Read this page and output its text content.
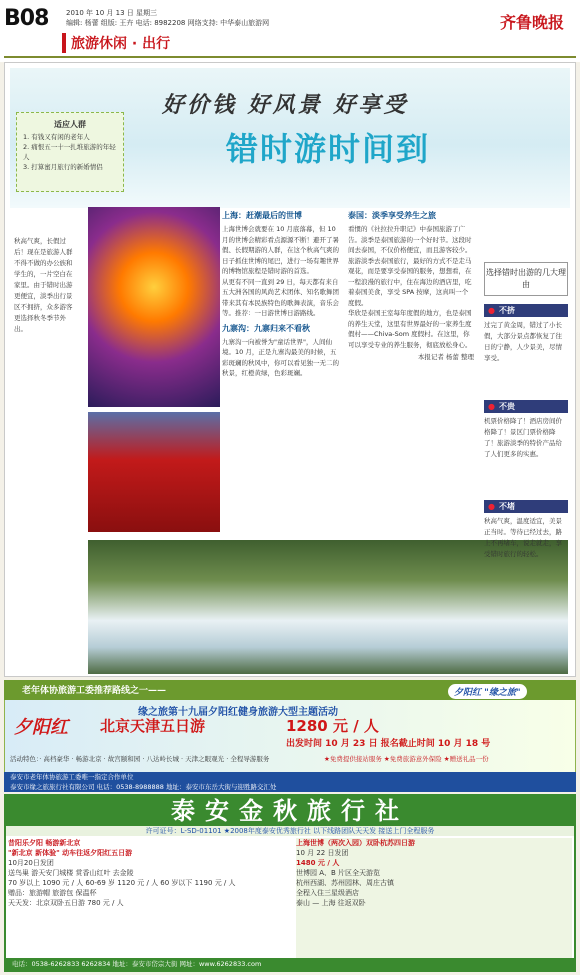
B08	2010 年 10 月 13 日 星期三
编辑: 杨蕾 组版: 王卉 电话: 8982208 网络支持: 中华泰山旅游网	齐鲁晚报
旅游休闲 · 出行
好价钱 好风景 好享受
错时游时间到
适应人群
1. 有钱又有闲的老年人
2. 痛恨五一十一扎堆旅游的年轻人
3. 打算蜜月旅行的新婚情侣
秋高气爽，长假过后！现在是旅游人群不得不做的办公族和学生的，一片空白在家里。由于错时出游更便宜，淡季出行景区不拥挤，众多游客更选择秋冬季节外出。
上海：赶潮最后的世博

上海世博会就要在 10 月底落幕，但 10 月的世博会精彩看点源源不断！避开了暑假、长假期游的人群，在这个秋高气爽的日子抓住世博的尾巴，进行一场有趣世界的博物馆旅程是错时游的首选。

从更有不同一直到 29 日，每天都有来自五大洲各国的风尚艺术团体、知名歌舞团带来其有本民族特色的歌舞表演，音乐会等。推荐：一日游世博日游路线。

九寨沟：九寨归来不看秋

九寨沟一向被誉为"童话世界"，人间仙境。10 月，正是九寨沟最美的时候，五彩斑斓的秋风中，你可以看见独一无二的秋景，红橙黄绿，色彩斑斓。

泰国：淡季享受养生之旅

看惯的《社拉拉升职记》中泰国旅游了广告。淡季是泰国旅游的一个好时节。这段时间去泰国，不仅价格便宜，而且游客较少。

旅游淡季去泰国旅行，最好的方式不是走马观花，而是要享受泰国的服务，想想看，在一程浪漫的旅行中，住在海边的酒店里，吃着泰国美食，享受 SPA 按摩，这真叫一个度假。

华欣是泰国王室每年度假的地方，也是泰国的养生天堂，这里有世界最好的一家养生度假村——Chiva-Som 度假村。在这里，你可以享受专业的养生服务，彻底放松身心。

本报记者 杨蕾 整理
选择错时出游的几大理由
● 不挤
过完了黄金周，错过了小长假，大部分景点都恢复了往日的宁静，人少景美，尽情享受。
● 不贵
机票价格降了！酒店房间价格降了！景区门票价格降了！旅游淡季的特价产品给了人们更多的实惠。
● 不堵
秋高气爽，温度适宜，美景正当时。等待已经过去，路上不再堵车，说走就走，享受错时旅行的轻松。
老年体协旅游工委推荐路线之一——	夕阳红 "缘之旅"
缘之旅第十九届夕阳红健身旅游大型主题活动
夕阳红 北京天津五日游	1280 元 / 人
出发时间 10 月 23 日 报名截止时间 10 月 18 号
活动特色：· 高档豪华 · 畅游北京 · 故宫颐和园 · 八达岭长城 · 天津之眼观光 · 全程导游服务	★免费提供接站服务 ★免费旅游意外保险 ★赠送礼品一份
泰安市老年体协旅游工委唯一指定合作单位
泰安市缘之旅旅行社有限公司 电话：0538-8988888 地址：泰安市东岳大街与迎胜路交汇处
泰安金秋旅行社
许可证号：L-SD-01101 ★2008年度泰安优秀旅行社 以下线路团队天天发 接送上门全程服务
昔阳乐夕阳 畅游新北京
"新北京 新体验" 动车往返夕阳红五日游
10月20日发团
送鸟巢 游天安门城楼 赏香山红叶 去金陵
70 岁以上 1090 元 / 人 60-69 岁 1120 元 / 人 60 岁以下 1190 元 / 人
赠品：旅游帽 旅游包 保温杯
天天发：北京双卧五日游 780 元 / 人
上海世博（两次入园）双卧杭苏四日游
10 月 22 日发团
1480 元 / 人
世博园 A、B 片区全天游览
杭州西湖、苏州园林、周庄古镇
全程入住三星级酒店
泰山 — 上海 往返双卧
电话：0538-6262833 6262834 地址：泰安市岱宗大街 网址：www.6262833.com
